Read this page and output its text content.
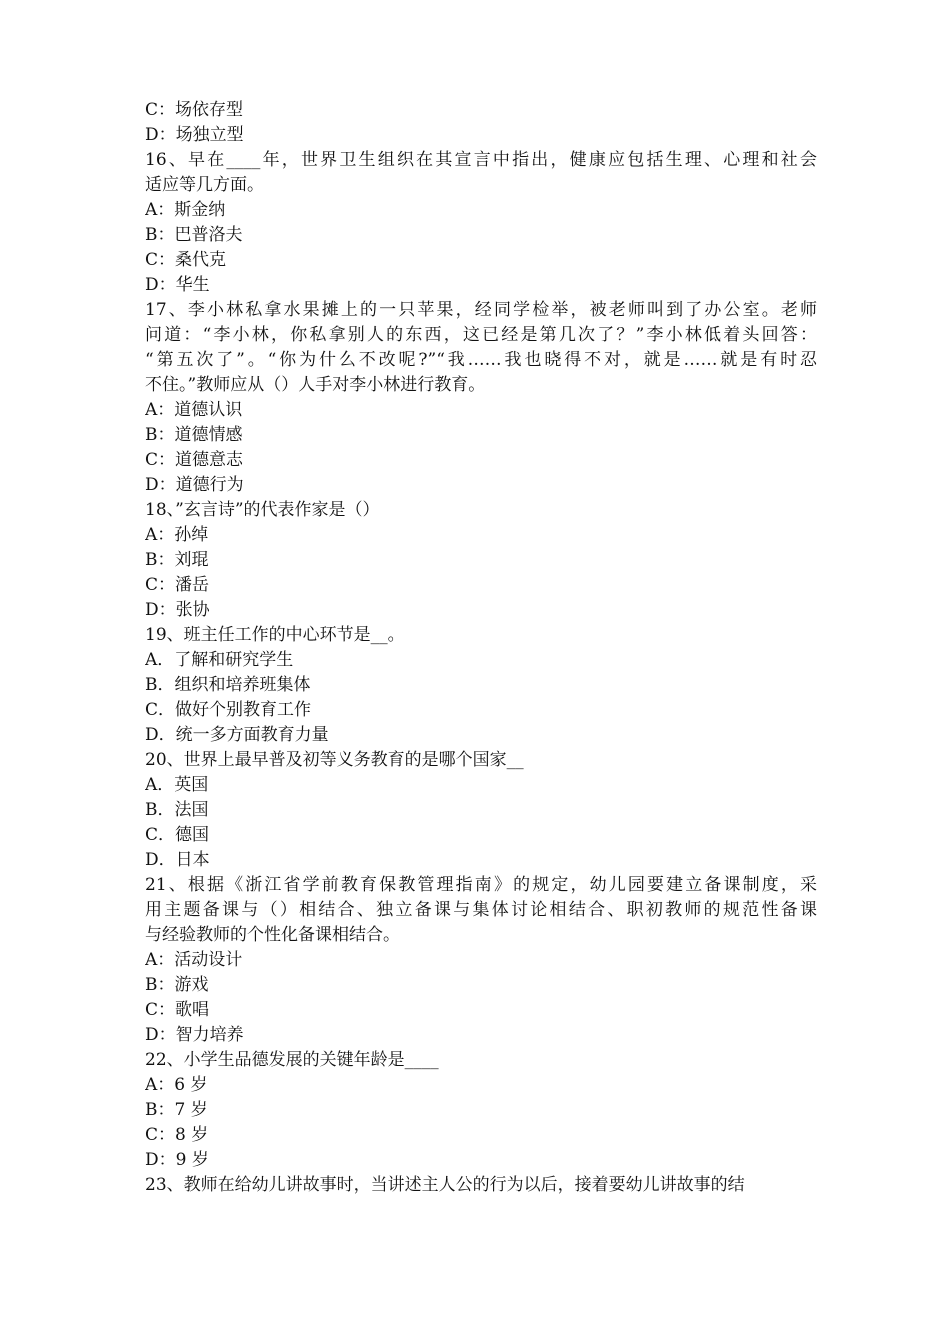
C：场依存型

D：场独立型

16、早在____年，世界卫生组织在其宣言中指出，健康应包括生理、心理和社会

适应等几方面。

A：斯金纳

B：巴普洛夫

C：桑代克

D：华生

17、李小林私拿水果摊上的一只苹果，经同学检举，被老师叫到了办公室。老师

问道：“李小林，你私拿别人的东西，这已经是第几次了？”李小林低着头回答：

“第五次了”。“你为什么不改呢?”“我……我也晓得不对，就是……就是有时忍

不住。”教师应从（）人手对李小林进行教育。

A：道德认识

B：道德情感

C：道德意志

D：道德行为

18、”玄言诗”的代表作家是（）

A：孙绰

B：刘琨

C：潘岳

D：张协

19、班主任工作的中心环节是__。

A．了解和研究学生

B．组织和培养班集体

C．做好个别教育工作

D．统一多方面教育力量

20、世界上最早普及初等义务教育的是哪个国家__

A．英国

B．法国

C．德国

D．日本

21、根据《浙江省学前教育保教管理指南》的规定，幼儿园要建立备课制度，采

用主题备课与（）相结合、独立备课与集体讨论相结合、职初教师的规范性备课

与经验教师的个性化备课相结合。

A：活动设计

B：游戏

C：歌唱

D：智力培养

22、小学生品德发展的关键年龄是____

A：6 岁

B：7 岁

C：8 岁

D：9 岁

23、教师在给幼儿讲故事时，当讲述主人公的行为以后，接着要幼儿讲故事的结
